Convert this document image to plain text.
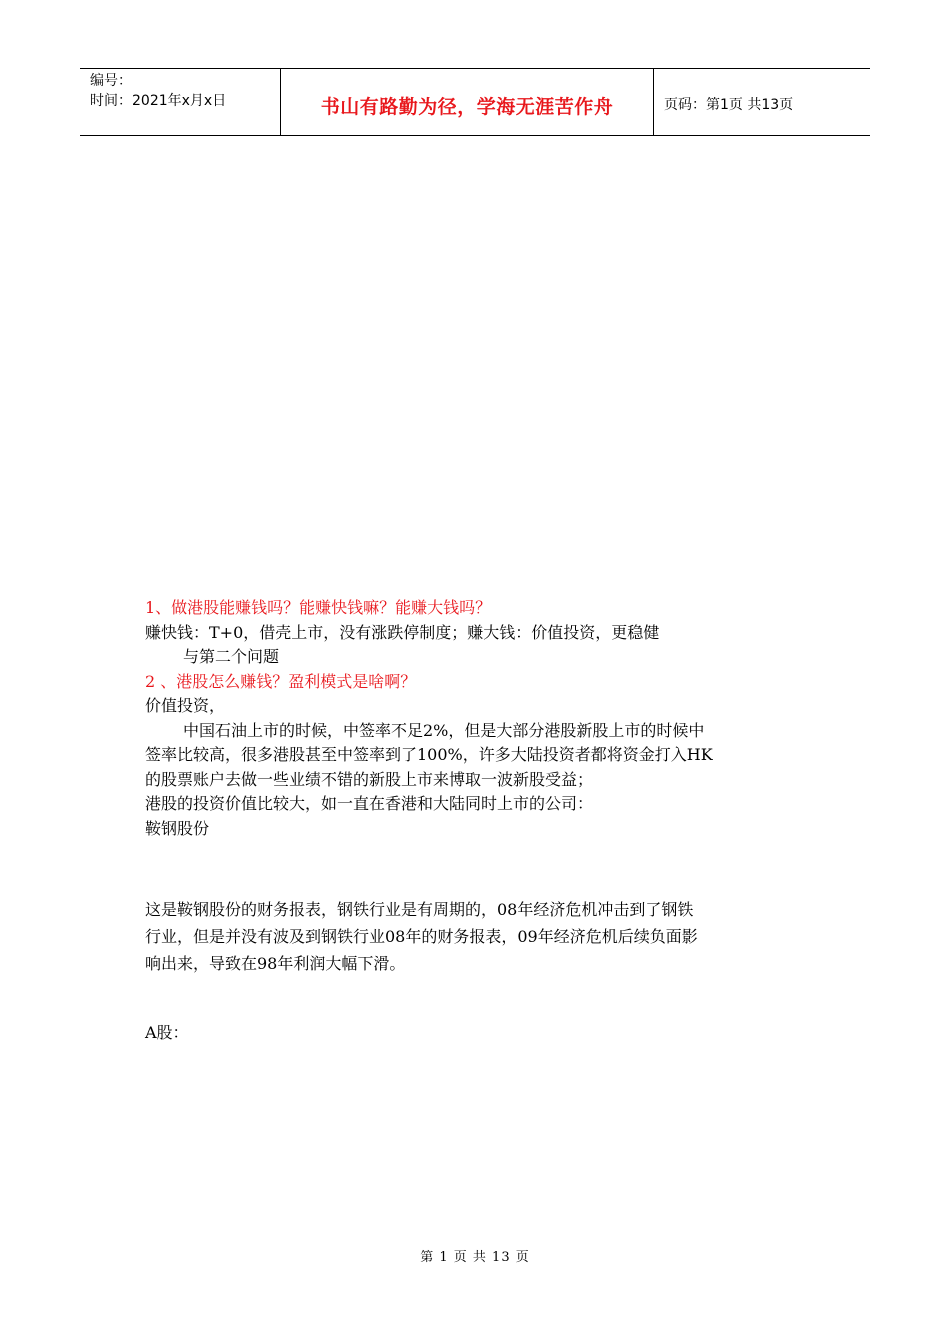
编号：
时间：2021年x月x日	书山有路勤为径，学海无涯苦作舟	页码：第1页 共13页

1、做港股能赚钱吗？能赚快钱嘛？能赚大钱吗？

赚快钱：T+0，借壳上市，没有涨跌停制度；赚大钱：价值投资，更稳健

与第二个问题

2 、港股怎么赚钱？盈利模式是啥啊？

价值投资，

中国石油上市的时候，中签率不足2%，但是大部分港股新股上市的时候中

签率比较高，很多港股甚至中签率到了100%，许多大陆投资者都将资金打入HK

的股票账户去做一些业绩不错的新股上市来博取一波新股受益；

港股的投资价值比较大，如一直在香港和大陆同时上市的公司：

鞍钢股份

这是鞍钢股份的财务报表，钢铁行业是有周期的，08年经济危机冲击到了钢铁

行业，但是并没有波及到钢铁行业08年的财务报表，09年经济危机后续负面影

响出来，导致在98年利润大幅下滑。

A股：
第 1 页 共 13 页
